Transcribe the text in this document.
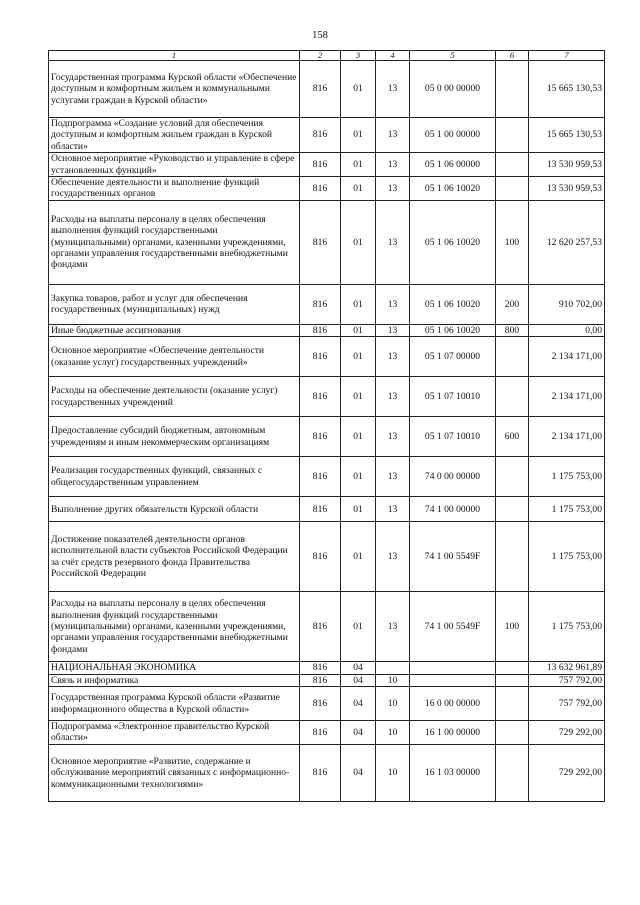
158
1	2	3	4	5	6	7
Государственная программа Курской области «Обеспечение доступным и комфортным жильем и коммунальными услугами граждан в Курской области»	816	01	13	05 0 00 00000		15 665 130,53
Подпрограмма «Создание условий для обеспечения доступным и комфортным жильем граждан в Курской области»	816	01	13	05 1 00 00000		15 665 130,53
Основное мероприятие «Руководство и управление в сфере установленных функций»	816	01	13	05 1 06 00000		13 530 959,53
Обеспечение деятельности и выполнение функций государственных органов	816	01	13	05 1 06 10020		13 530 959,53
Расходы на выплаты персоналу в целях обеспечения выполнения функций государственными (муниципальными) органами, казенными учреждениями, органами управления государственными внебюджетными фондами	816	01	13	05 1 06 10020	100	12 620 257,53
Закупка товаров, работ и услуг для обеспечения государственных (муниципальных) нужд	816	01	13	05 1 06 10020	200	910 702,00
Иные бюджетные ассигнования	816	01	13	05 1 06 10020	800	0,00
Основное мероприятие «Обеспечение деятельности (оказание услуг) государственных учреждений»	816	01	13	05 1 07 00000		2 134 171,00
Расходы на обеспечение деятельности (оказание услуг) государственных учреждений	816	01	13	05 1 07 10010		2 134 171,00
Предоставление субсидий бюджетным, автономным учреждениям и иным некоммерческим организациям	816	01	13	05 1 07 10010	600	2 134 171,00
Реализация государственных функций, связанных с общегосударственным управлением	816	01	13	74 0 00 00000		1 175 753,00
Выполнение других обязательств Курской области	816	01	13	74 1 00 00000		1 175 753,00
Достижение показателей деятельности органов исполнительной власти субъектов Российской Федерации за счёт средств резервного фонда Правительства Российской Федерации	816	01	13	74 1 00 5549F		1 175 753,00
Расходы на выплаты персоналу в целях обеспечения выполнения функций государственными (муниципальными) органами, казенными учреждениями, органами управления государственными внебюджетными фондами	816	01	13	74 1 00 5549F	100	1 175 753,00
НАЦИОНАЛЬНАЯ ЭКОНОМИКА	816	04				13 632 961,89
Связь и информатика	816	04	10			757 792,00
Государственная программа Курской области «Развитие информационного общества в Курской области»	816	04	10	16 0 00 00000		757 792,00
Подпрограмма «Электронное правительство Курской области»	816	04	10	16 1 00 00000		729 292,00
Основное мероприятие «Развитие, содержание и обслуживание мероприятий связанных с информационно-коммуникационными технологиями»	816	04	10	16 1 03 00000		729 292,00
